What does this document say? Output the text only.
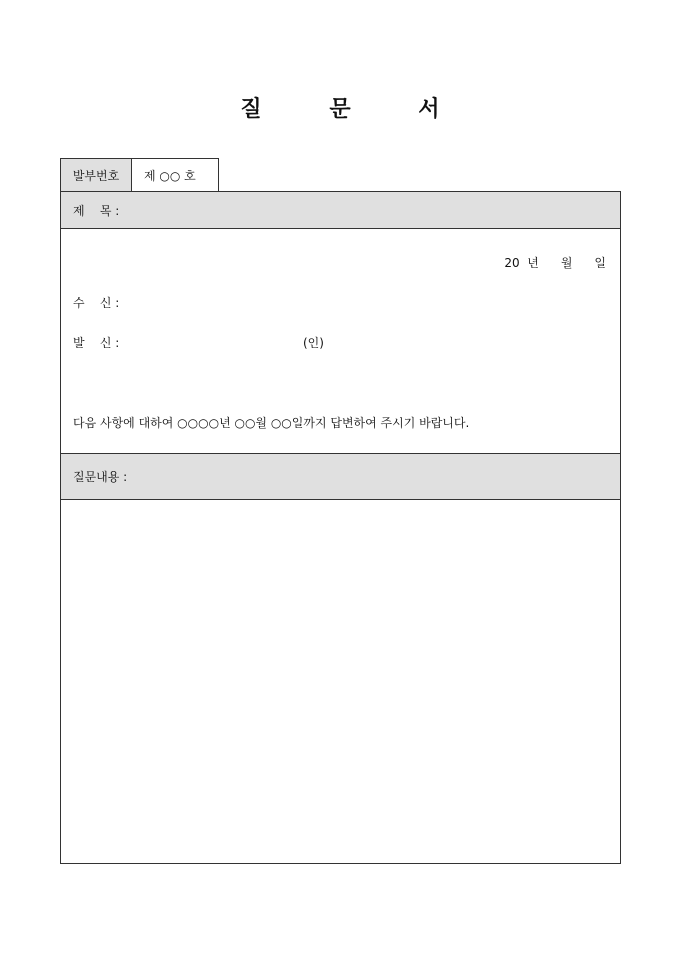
질	문	서
발부번호	제 ○○ 호
제    목 :
20  년 월 일
수    신 :
발    신 :	(인)
다음 사항에 대하여 ○○○○년 ○○월 ○○일까지 답변하여 주시기 바랍니다.
질문내용 :
